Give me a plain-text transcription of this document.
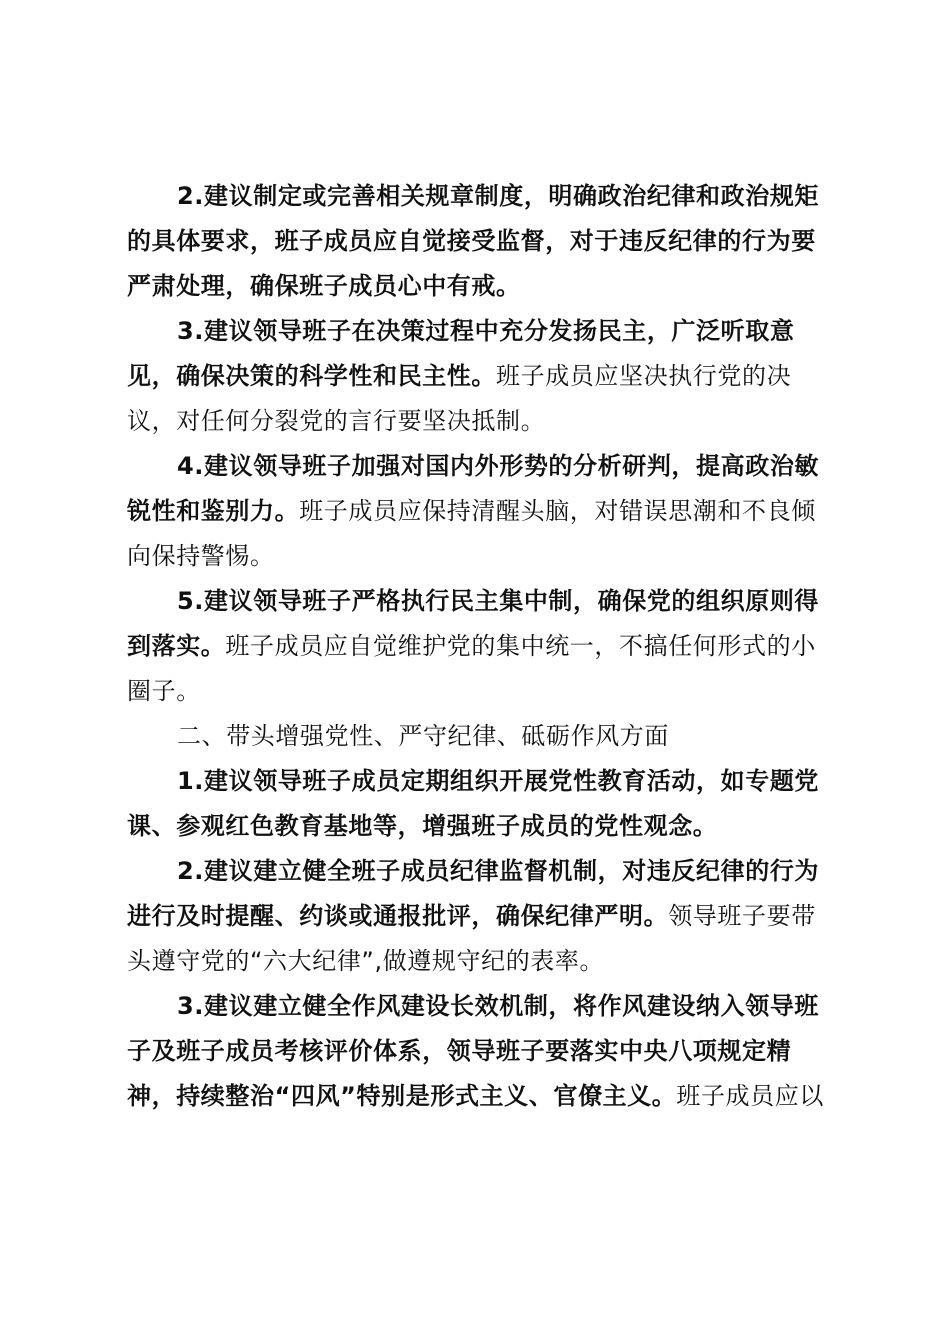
2.建议制定或完善相关规章制度，明确政治纪律和政治规矩的具体要求，班子成员应自觉接受监督，对于违反纪律的行为要严肃处理，确保班子成员心中有戒。

3.建议领导班子在决策过程中充分发扬民主，广泛听取意见，确保决策的科学性和民主性。班子成员应坚决执行党的决议，对任何分裂党的言行要坚决抵制。

4.建议领导班子加强对国内外形势的分析研判，提高政治敏锐性和鉴别力。班子成员应保持清醒头脑，对错误思潮和不良倾向保持警惕。

5.建议领导班子严格执行民主集中制，确保党的组织原则得到落实。班子成员应自觉维护党的集中统一，不搞任何形式的小圈子。

二、带头增强党性、严守纪律、砥砺作风方面

1.建议领导班子成员定期组织开展党性教育活动，如专题党课、参观红色教育基地等，增强班子成员的党性观念。

2.建议建立健全班子成员纪律监督机制，对违反纪律的行为进行及时提醒、约谈或通报批评，确保纪律严明。领导班子要带头遵守党的“六大纪律”,做遵规守纪的表率。

3.建议建立健全作风建设长效机制，将作风建设纳入领导班子及班子成员考核评价体系，领导班子要落实中央八项规定精神，持续整治“四风”特别是形式主义、官僚主义。班子成员应以
